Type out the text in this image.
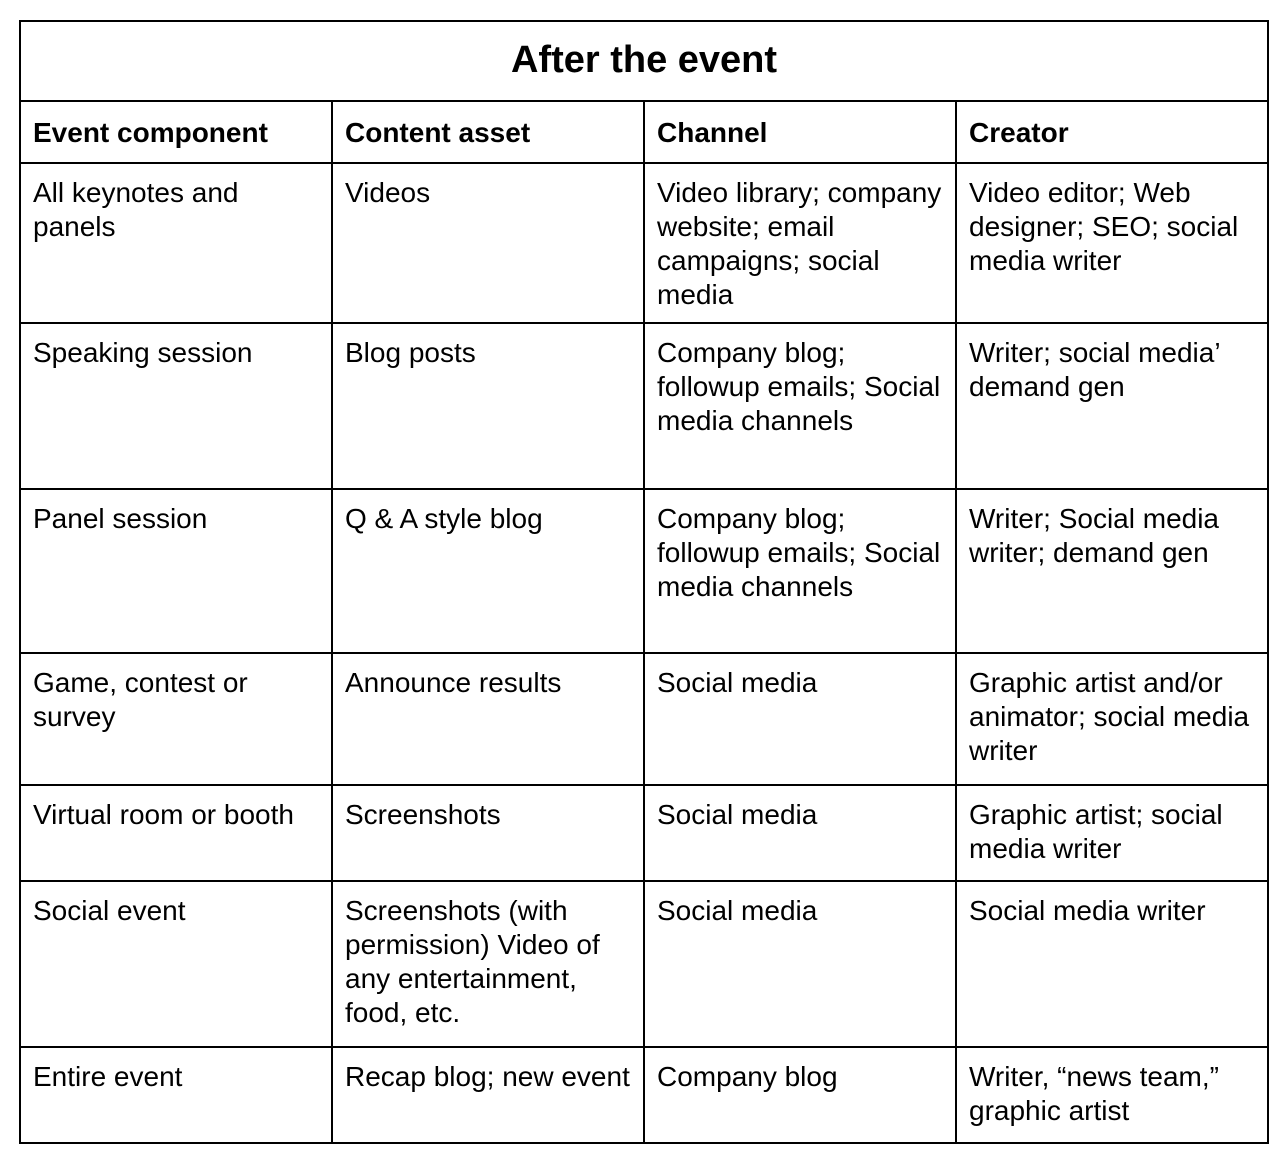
After the event			
Event component	Content asset	Channel	Creator
All keynotes and panels	Videos	Video library; company website; email campaigns; social media	Video editor; Web designer; SEO; social media writer
Speaking session	Blog posts	Company blog; followup emails; Social media channels	Writer; social media’ demand gen
Panel session	Q & A style blog	Company blog; followup emails; Social media channels	Writer; Social media writer; demand gen
Game, contest or survey	Announce results	Social media	Graphic artist and/or animator; social media writer
Virtual room or booth	Screenshots	Social media	Graphic artist; social media writer
Social event	Screenshots (with permission) Video of any entertainment, food, etc.	Social media	Social media writer
Entire event	Recap blog; new event	Company blog	Writer, “news team,” graphic artist
